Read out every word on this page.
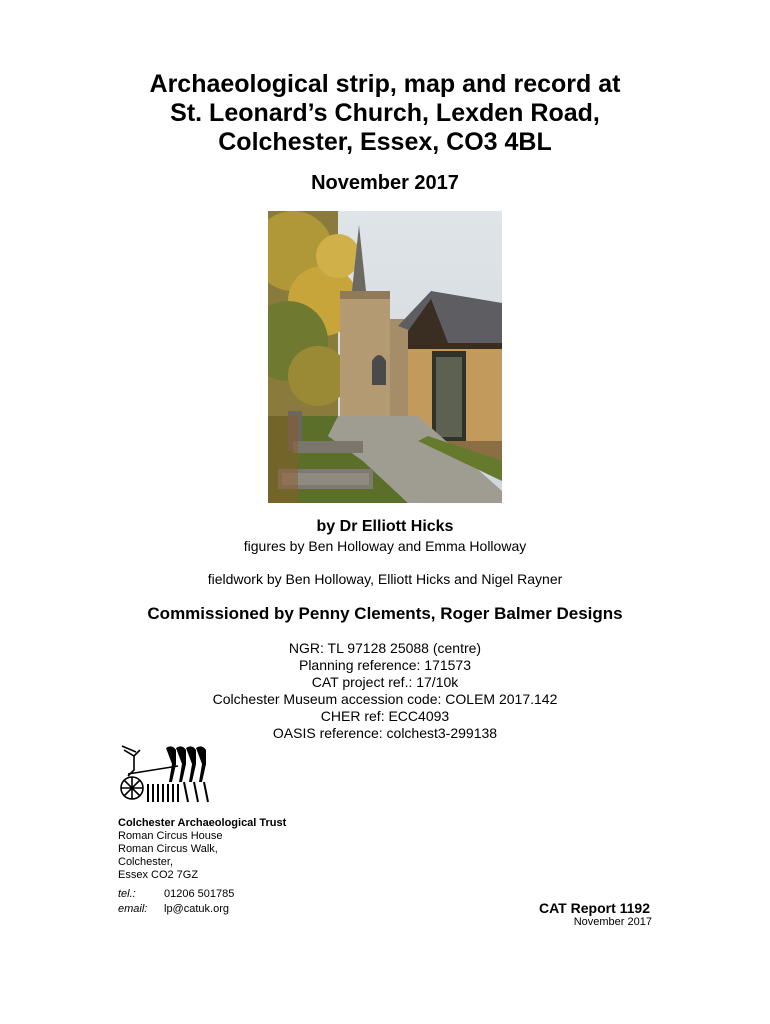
Archaeological strip, map and record at
St. Leonard’s Church, Lexden Road,
Colchester, Essex, CO3 4BL
November 2017
by Dr Elliott Hicks
figures by Ben Holloway and Emma Holloway
fieldwork by Ben Holloway, Elliott Hicks and Nigel Rayner
Commissioned by Penny Clements, Roger Balmer Designs
NGR: TL 97128 25088 (centre)
Planning reference: 171573
CAT project ref.: 17/10k
Colchester Museum accession code: COLEM 2017.142
CHER ref: ECC4093
OASIS reference: colchest3-299138
Colchester Archaeological Trust
Roman Circus House
Roman Circus Walk,
Colchester,
Essex CO2 7GZ
tel.:	01206 501785
email: lp@catuk.org	CAT Report 1192
November 2017
